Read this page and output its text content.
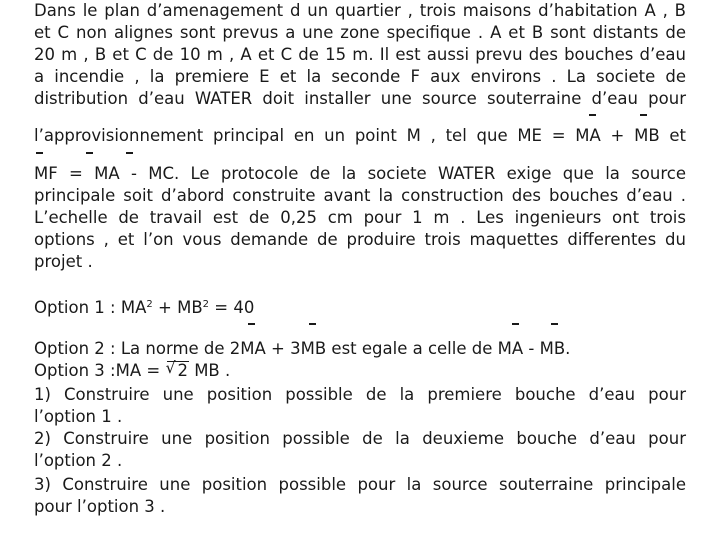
Dans le plan d’amenagement d un quartier , trois maisons d’habitation A , B
et C non alignes sont prevus a une zone specifique . A et B sont distants de
20 m , B et C de 10 m , A et C de 15 m. Il est aussi prevu des bouches d’eau
a incendie , la premiere E et la seconde F aux environs . La societe de
distribution d’eau WATER doit installer une source souterraine d’eau pour
l’approvisionnement principal en un point M , tel que ME = MA + MB et
MF = MA - MC. Le protocole de la societe WATER exige que la source
principale soit d’abord construite avant la construction des bouches d’eau .
L’echelle de travail est de 0,25 cm pour 1 m . Les ingenieurs ont trois
options , et l’on vous demande de produire trois maquettes differentes du
projet .
Option 1 : $MA^2 + MB^2 = 40$
Option 2 : La norme de 2MA + 3MB est egale a celle de MA - MB.
Option 3 :MA = √ 2 MB .
1) Construire une position possible de la premiere bouche d’eau pour
l’option 1 .
2) Construire une position possible de la deuxieme bouche d’eau pour
l’option 2 .
3) Construire une position possible pour la source souterraine principale
pour l’option 3 .
